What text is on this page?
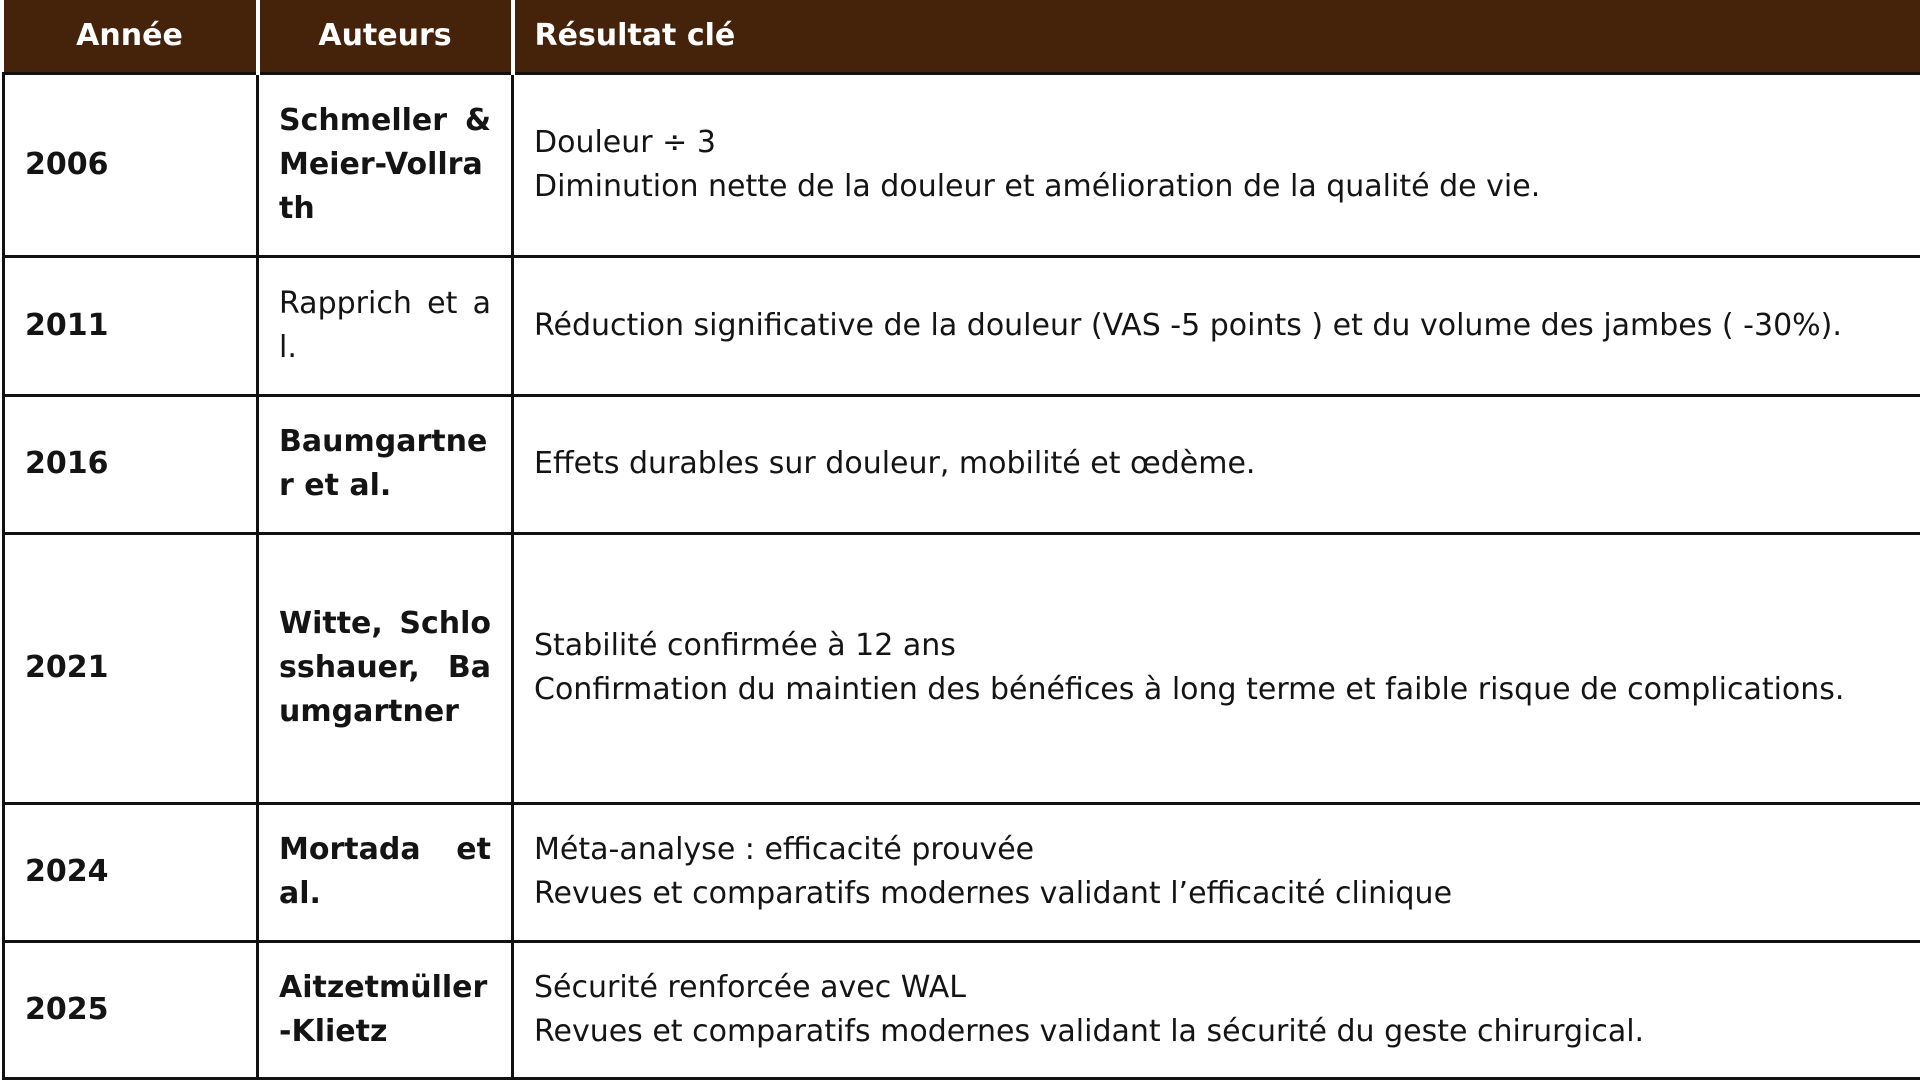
Année	Auteurs	Résultat clé
2006	Schmeller & Meier-Vollrath	Douleur ÷ 3
Diminution nette de la douleur et amélioration de la qualité de vie.

2011	Rapprich et al.	Réduction significative de la douleur (VAS -5 points ) et du volume des jambes ( -30%).

2016	Baumgartner et al.	Effets durables sur douleur, mobilité et œdème.

2021	Witte, Schlosshauer, Baumgartner	Stabilité confirmée à 12 ans
Confirmation du maintien des bénéfices à long terme et faible risque de complications.

2024	Mortada et al.	Méta-analyse : efficacité prouvée
Revues et comparatifs modernes validant l’efficacité clinique

2025	Aitzetmüller-Klietz	Sécurité renforcée avec WAL
Revues et comparatifs modernes validant la sécurité du geste chirurgical.
